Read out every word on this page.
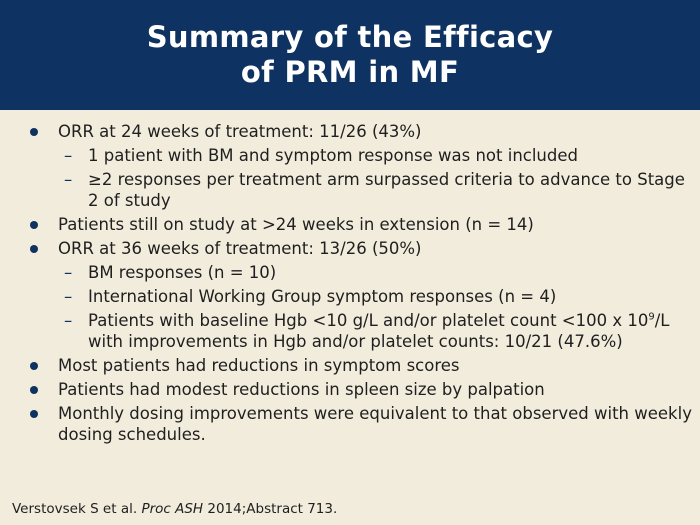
Summary of the Efficacy
of PRM in MF
ORR at 24 weeks of treatment: 11/26 (43%)
– 1 patient with BM and symptom response was not included
– ≥2 responses per treatment arm surpassed criteria to advance to Stage 2 of study
Patients still on study at >24 weeks in extension (n = 14)
ORR at 36 weeks of treatment: 13/26 (50%)
– BM responses (n = 10)
– International Working Group symptom responses (n = 4)
– Patients with baseline Hgb <10 g/L and/or platelet count <100 x $10^9/L$ with improvements in Hgb and/or platelet counts: 10/21 (47.6%)
Most patients had reductions in symptom scores
Patients had modest reductions in spleen size by palpation
Monthly dosing improvements were equivalent to that observed with weekly dosing schedules.
Verstovsek S et al. Proc ASH 2014;Abstract 713.
